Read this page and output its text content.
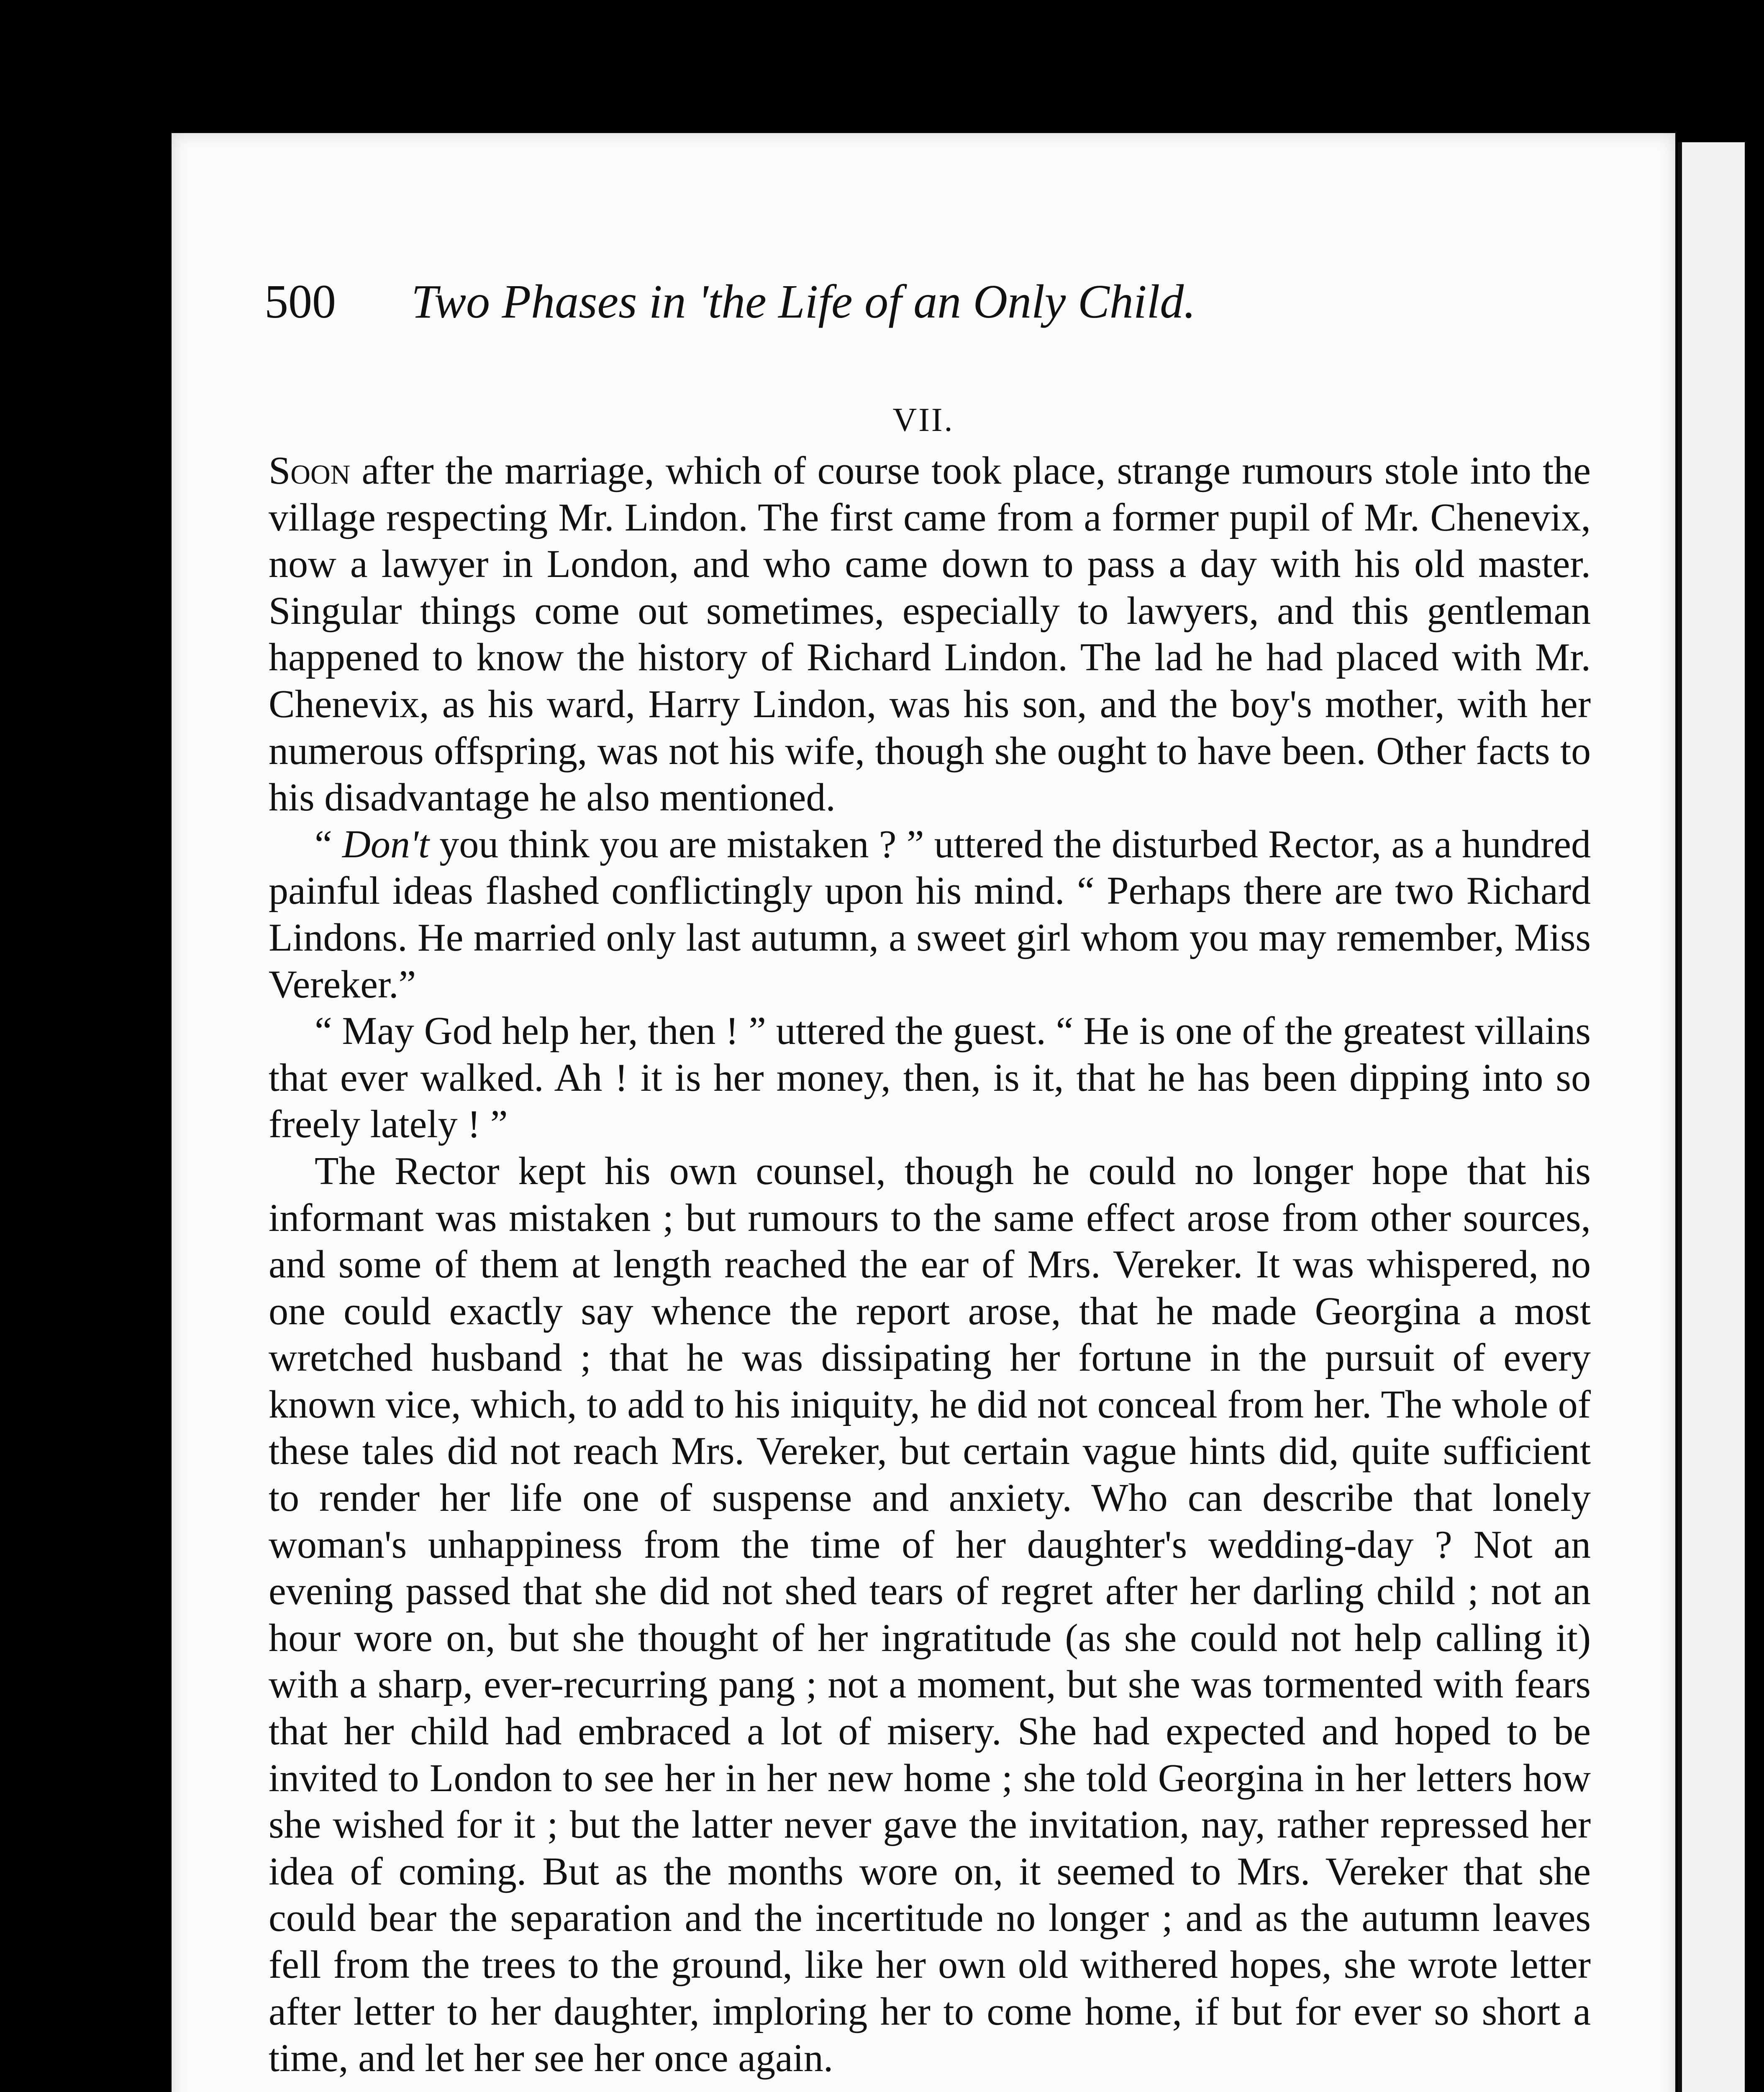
500 Two Phases in 'the Life of an Only Child.
VII.

Soon after the marriage, which of course took place, strange rumours stole into the village respecting Mr. Lindon. The first came from a former pupil of Mr. Chenevix, now a lawyer in London, and who came down to pass a day with his old master. Singular things come out sometimes, especially to lawyers, and this gentleman happened to know the history of Richard Lindon. The lad he had placed with Mr. Chenevix, as his ward, Harry Lindon, was his son, and the boy's mother, with her numerous offspring, was not his wife, though she ought to have been. Other facts to his disadvantage he also mentioned.

“ Don't you think you are mistaken ? ” uttered the disturbed Rector, as a hundred painful ideas flashed conflictingly upon his mind. “ Perhaps there are two Richard Lindons. He married only last autumn, a sweet girl whom you may remember, Miss Vereker.”

“ May God help her, then ! ” uttered the guest. “ He is one of the greatest villains that ever walked. Ah ! it is her money, then, is it, that he has been dipping into so freely lately ! ”

The Rector kept his own counsel, though he could no longer hope that his informant was mistaken ; but rumours to the same effect arose from other sources, and some of them at length reached the ear of Mrs. Vereker. It was whispered, no one could exactly say whence the report arose, that he made Georgina a most wretched husband ; that he was dissipating her fortune in the pursuit of every known vice, which, to add to his iniquity, he did not conceal from her. The whole of these tales did not reach Mrs. Vereker, but certain vague hints did, quite sufficient to render her life one of suspense and anxiety. Who can describe that lonely woman's unhappiness from the time of her daughter's wedding-day ? Not an evening passed that she did not shed tears of regret after her darling child ; not an hour wore on, but she thought of her ingratitude (as she could not help calling it) with a sharp, ever-recurring pang ; not a moment, but she was tormented with fears that her child had embraced a lot of misery. She had expected and hoped to be invited to London to see her in her new home ; she told Georgina in her letters how she wished for it ; but the latter never gave the invitation, nay, rather repressed her idea of coming. But as the months wore on, it seemed to Mrs. Vereker that she could bear the separation and the incertitude no longer ; and as the autumn leaves fell from the trees to the ground, like her own old withered hopes, she wrote letter after letter to her daughter, imploring her to come home, if but for ever so short a time, and let her see her once again.
